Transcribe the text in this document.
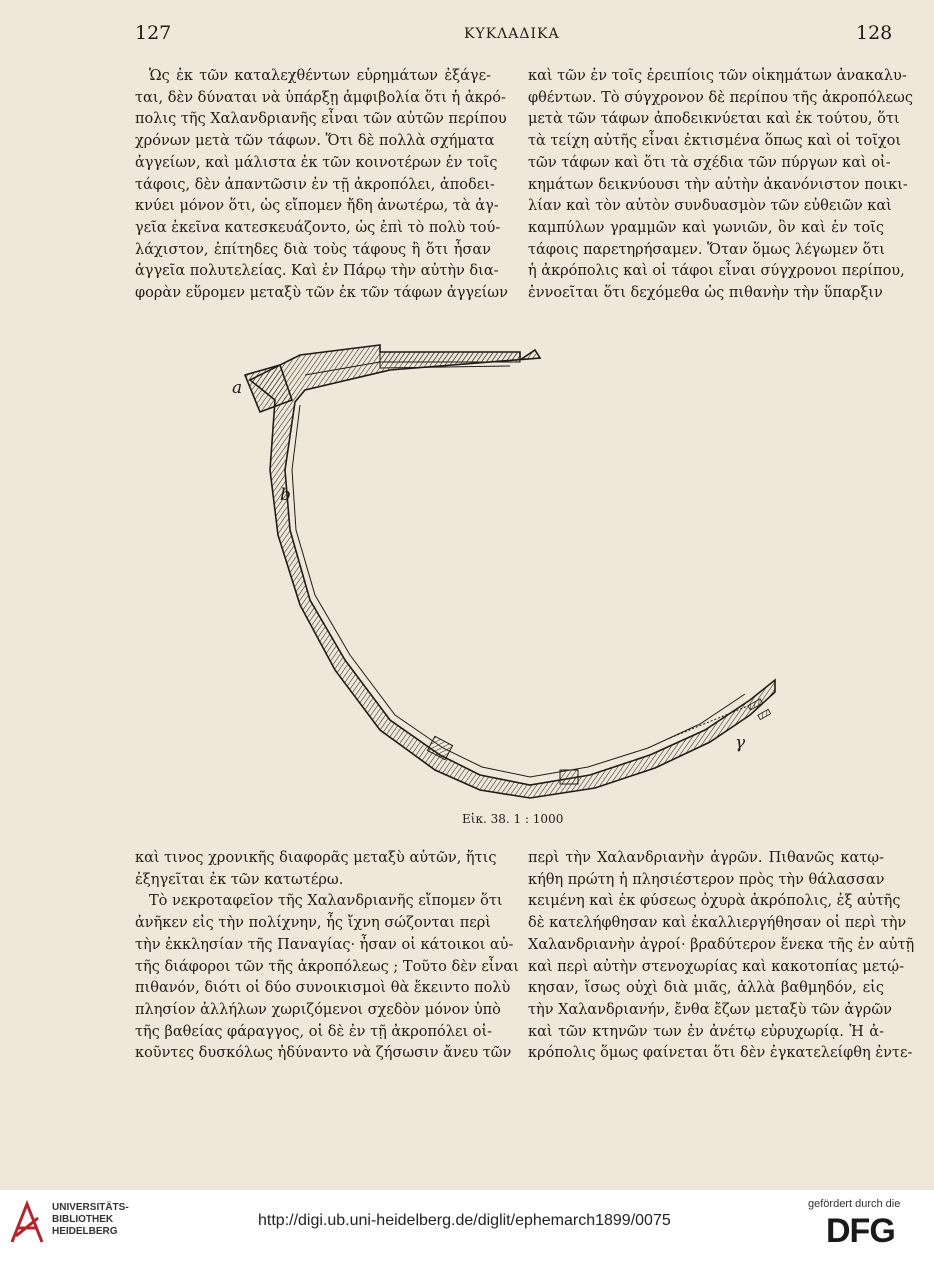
127	ΚΥΚΛΑΔΙΚΑ	128
Ὡς ἐκ τῶν καταλεχθέντων εὑρημάτων ἐξάγε-
ται, δὲν δύναται νὰ ὑπάρξῃ ἀμφιβολία ὅτι ἡ ἀκρό-
πολις τῆς Χαλανδριανῆς εἶναι τῶν αὐτῶν περίπου
χρόνων μετὰ τῶν τάφων. Ὅτι δὲ πολλὰ σχήματα
ἀγγείων, καὶ μάλιστα ἐκ τῶν κοινοτέρων ἐν τοῖς
τάφοις, δὲν ἀπαντῶσιν ἐν τῇ ἀκροπόλει, ἀποδει-
κνύει μόνον ὅτι, ὡς εἴπομεν ἤδη ἀνωτέρω, τὰ ἀγ-
γεῖα ἐκεῖνα κατεσκευάζοντο, ὡς ἐπὶ τὸ πολὺ τού-
λάχιστον, ἐπίτηδες διὰ τοὺς τάφους ἢ ὅτι ἦσαν
ἀγγεῖα πολυτελείας. Καὶ ἐν Πάρῳ τὴν αὐτὴν δια-
φορὰν εὕρομεν μεταξὺ τῶν ἐκ τῶν τάφων ἀγγείων
καὶ τῶν ἐν τοῖς ἐρειπίοις τῶν οἰκημάτων ἀνακαλυ-
φθέντων. Τὸ σύγχρονον δὲ περίπου τῆς ἀκροπόλεως
μετὰ τῶν τάφων ἀποδεικνύεται καὶ ἐκ τούτου, ὅτι
τὰ τείχη αὐτῆς εἶναι ἐκτισμένα ὅπως καὶ οἱ τοῖχοι
τῶν τάφων καὶ ὅτι τὰ σχέδια τῶν πύργων καὶ οἰ-
κημάτων δεικνύουσι τὴν αὐτὴν ἀκανόνιστον ποικι-
λίαν καὶ τὸν αὐτὸν συνδυασμὸν τῶν εὐθειῶν καὶ
καμπύλων γραμμῶν καὶ γωνιῶν, ὃν καὶ ἐν τοῖς
τάφοις παρετηρήσαμεν. Ὅταν ὅμως λέγωμεν ὅτι
ἡ ἀκρόπολις καὶ οἱ τάφοι εἶναι σύγχρονοι περίπου,
ἐννοεῖται ὅτι δεχόμεθα ὡς πιθανὴν τὴν ὕπαρξιν
a
b
γ
Εἰκ. 38. 1 : 1000
καὶ τινος χρονικῆς διαφορᾶς μεταξὺ αὐτῶν, ἥτις
ἐξηγεῖται ἐκ τῶν κατωτέρω.
Τὸ νεκροταφεῖον τῆς Χαλανδριανῆς εἴπομεν ὅτι
ἀνῆκεν εἰς τὴν πολίχνην, ἧς ἴχνη σώζονται περὶ
τὴν ἐκκλησίαν τῆς Παναγίας· ἦσαν οἱ κάτοικοι αὐ-
τῆς διάφοροι τῶν τῆς ἀκροπόλεως ; Τοῦτο δὲν εἶναι
πιθανόν, διότι οἱ δύο συνοικισμοὶ θὰ ἔκειντο πολὺ
πλησίον ἀλλήλων χωριζόμενοι σχεδὸν μόνον ὑπὸ
τῆς βαθείας φάραγγος, οἱ δὲ ἐν τῇ ἀκροπόλει οἰ-
κοῦντες δυσκόλως ἠδύναντο νὰ ζήσωσιν ἄνευ τῶν
περὶ τὴν Χαλανδριανὴν ἀγρῶν. Πιθανῶς κατῳ-
κήθη πρώτη ἡ πλησιέστερον πρὸς τὴν θάλασσαν
κειμένη καὶ ἐκ φύσεως ὀχυρὰ ἀκρόπολις, ἐξ αὐτῆς
δὲ κατελήφθησαν καὶ ἐκαλλιεργήθησαν οἱ περὶ τὴν
Χαλανδριανὴν ἀγροί· βραδύτερον ἕνεκα τῆς ἐν αὐτῇ
καὶ περὶ αὐτὴν στενοχωρίας καὶ κακοτοπίας μετῴ-
κησαν, ἴσως οὐχὶ διὰ μιᾶς, ἀλλὰ βαθμηδόν, εἰς
τὴν Χαλανδριανήν, ἔνθα ἔζων μεταξὺ τῶν ἀγρῶν
καὶ τῶν κτηνῶν των ἐν ἀνέτῳ εὐρυχωρίᾳ. Ἡ ἀ-
κρόπολις ὅμως φαίνεται ὅτι δὲν ἐγκατελείφθη ἐντε-
UNIVERSITÄTS-
BIBLIOTHEK
HEIDELBERG
http://digi.ub.uni-heidelberg.de/diglit/ephemarch1899/0075
gefördert durch die
DFG
